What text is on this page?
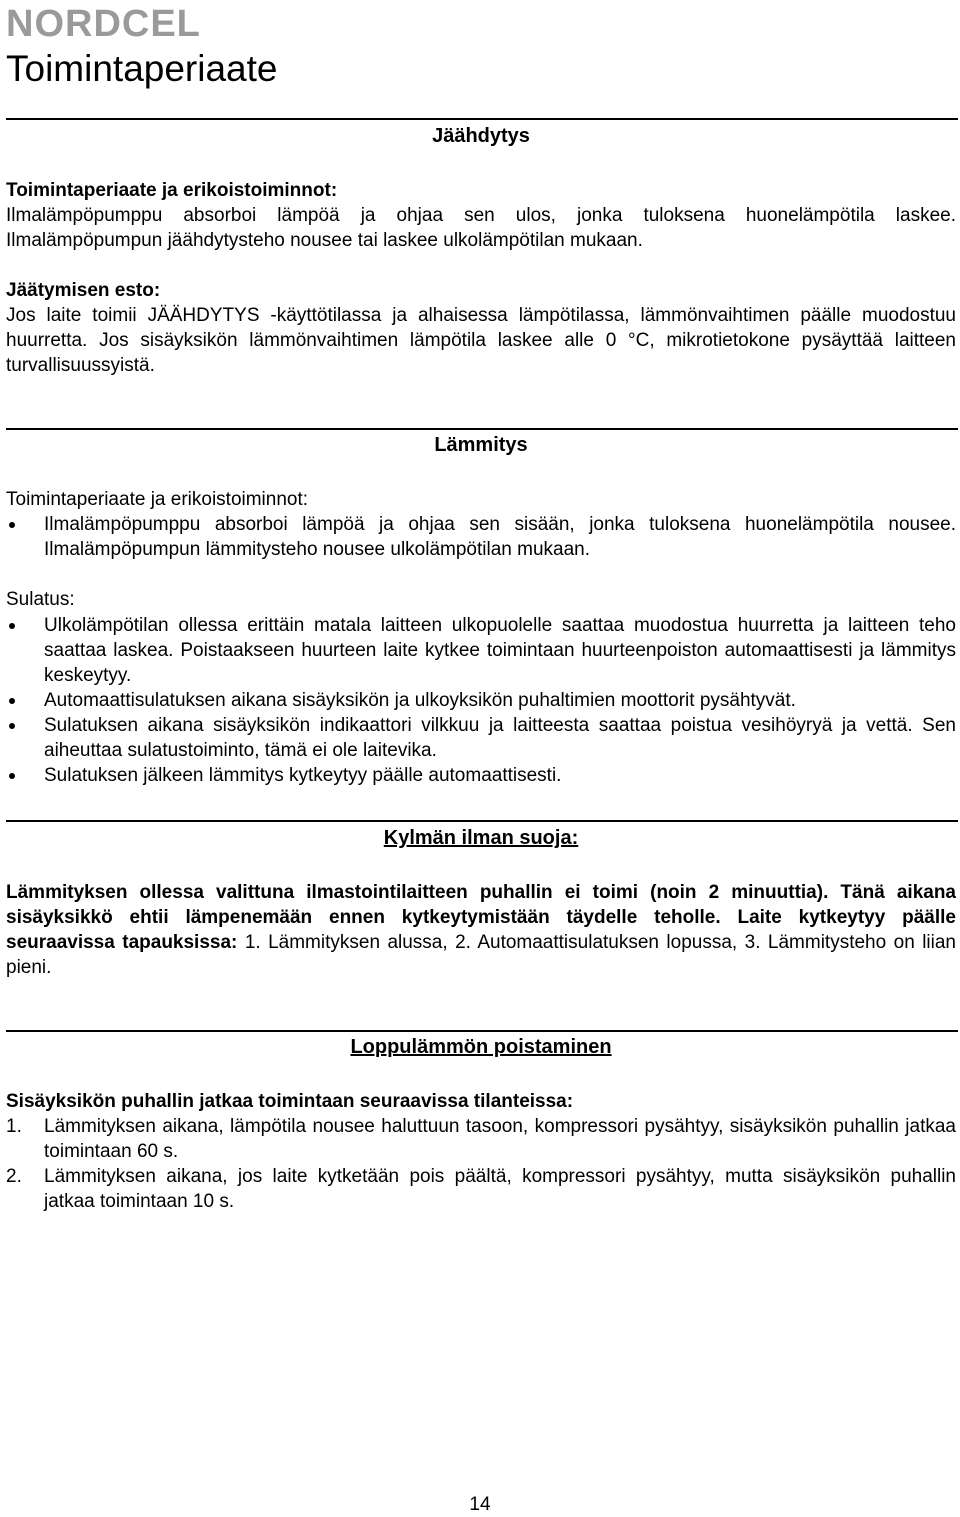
NORDCEL
Toimintaperiaate
Jäähdytys

Toimintaperiaate ja erikoistoiminnot:

Ilmalämpöpumppu absorboi lämpöä ja ohjaa sen ulos, jonka tuloksena huonelämpötila laskee. Ilmalämpöpumpun jäähdytysteho nousee tai laskee ulkolämpötilan mukaan.

Jäätymisen esto:

Jos laite toimii JÄÄHDYTYS -käyttötilassa ja alhaisessa lämpötilassa, lämmönvaihtimen päälle muodostuu huurretta. Jos sisäyksikön lämmönvaihtimen lämpötila laskee alle 0 °C, mikrotietokone pysäyttää laitteen turvallisuussyistä.

Lämmitys

Toimintaperiaate ja erikoistoiminnot:

Ilmalämpöpumppu absorboi lämpöä ja ohjaa sen sisään, jonka tuloksena huonelämpötila nousee. Ilmalämpöpumpun lämmitysteho nousee ulkolämpötilan mukaan.

Sulatus:

Ulkolämpötilan ollessa erittäin matala laitteen ulkopuolelle saattaa muodostua huurretta ja laitteen teho saattaa laskea. Poistaakseen huurteen laite kytkee toimintaan huurteenpoiston automaattisesti ja lämmitys keskeytyy.
Automaattisulatuksen aikana sisäyksikön ja ulkoyksikön puhaltimien moottorit pysähtyvät.
Sulatuksen aikana sisäyksikön indikaattori vilkkuu ja laitteesta saattaa poistua vesihöyryä ja vettä. Sen aiheuttaa sulatustoiminto, tämä ei ole laitevika.
Sulatuksen jälkeen lämmitys kytkeytyy päälle automaattisesti.
Kylmän ilman suoja:

Lämmityksen ollessa valittuna ilmastointilaitteen puhallin ei toimi (noin 2 minuuttia). Tänä aikana sisäyksikkö ehtii lämpenemään ennen kytkeytymistään täydelle teholle. Laite kytkeytyy päälle seuraavissa tapauksissa: 1. Lämmityksen alussa, 2. Automaattisulatuksen lopussa, 3. Lämmitysteho on liian pieni.

Loppulämmön poistaminen

Sisäyksikön puhallin jatkaa toimintaan seuraavissa tilanteissa:

1. Lämmityksen aikana, lämpötila nousee haluttuun tasoon, kompressori pysähtyy, sisäyksikön puhallin jatkaa toimintaan 60 s.
2. Lämmityksen aikana, jos laite kytketään pois päältä, kompressori pysähtyy, mutta sisäyksikön puhallin jatkaa toimintaan 10 s.
14
